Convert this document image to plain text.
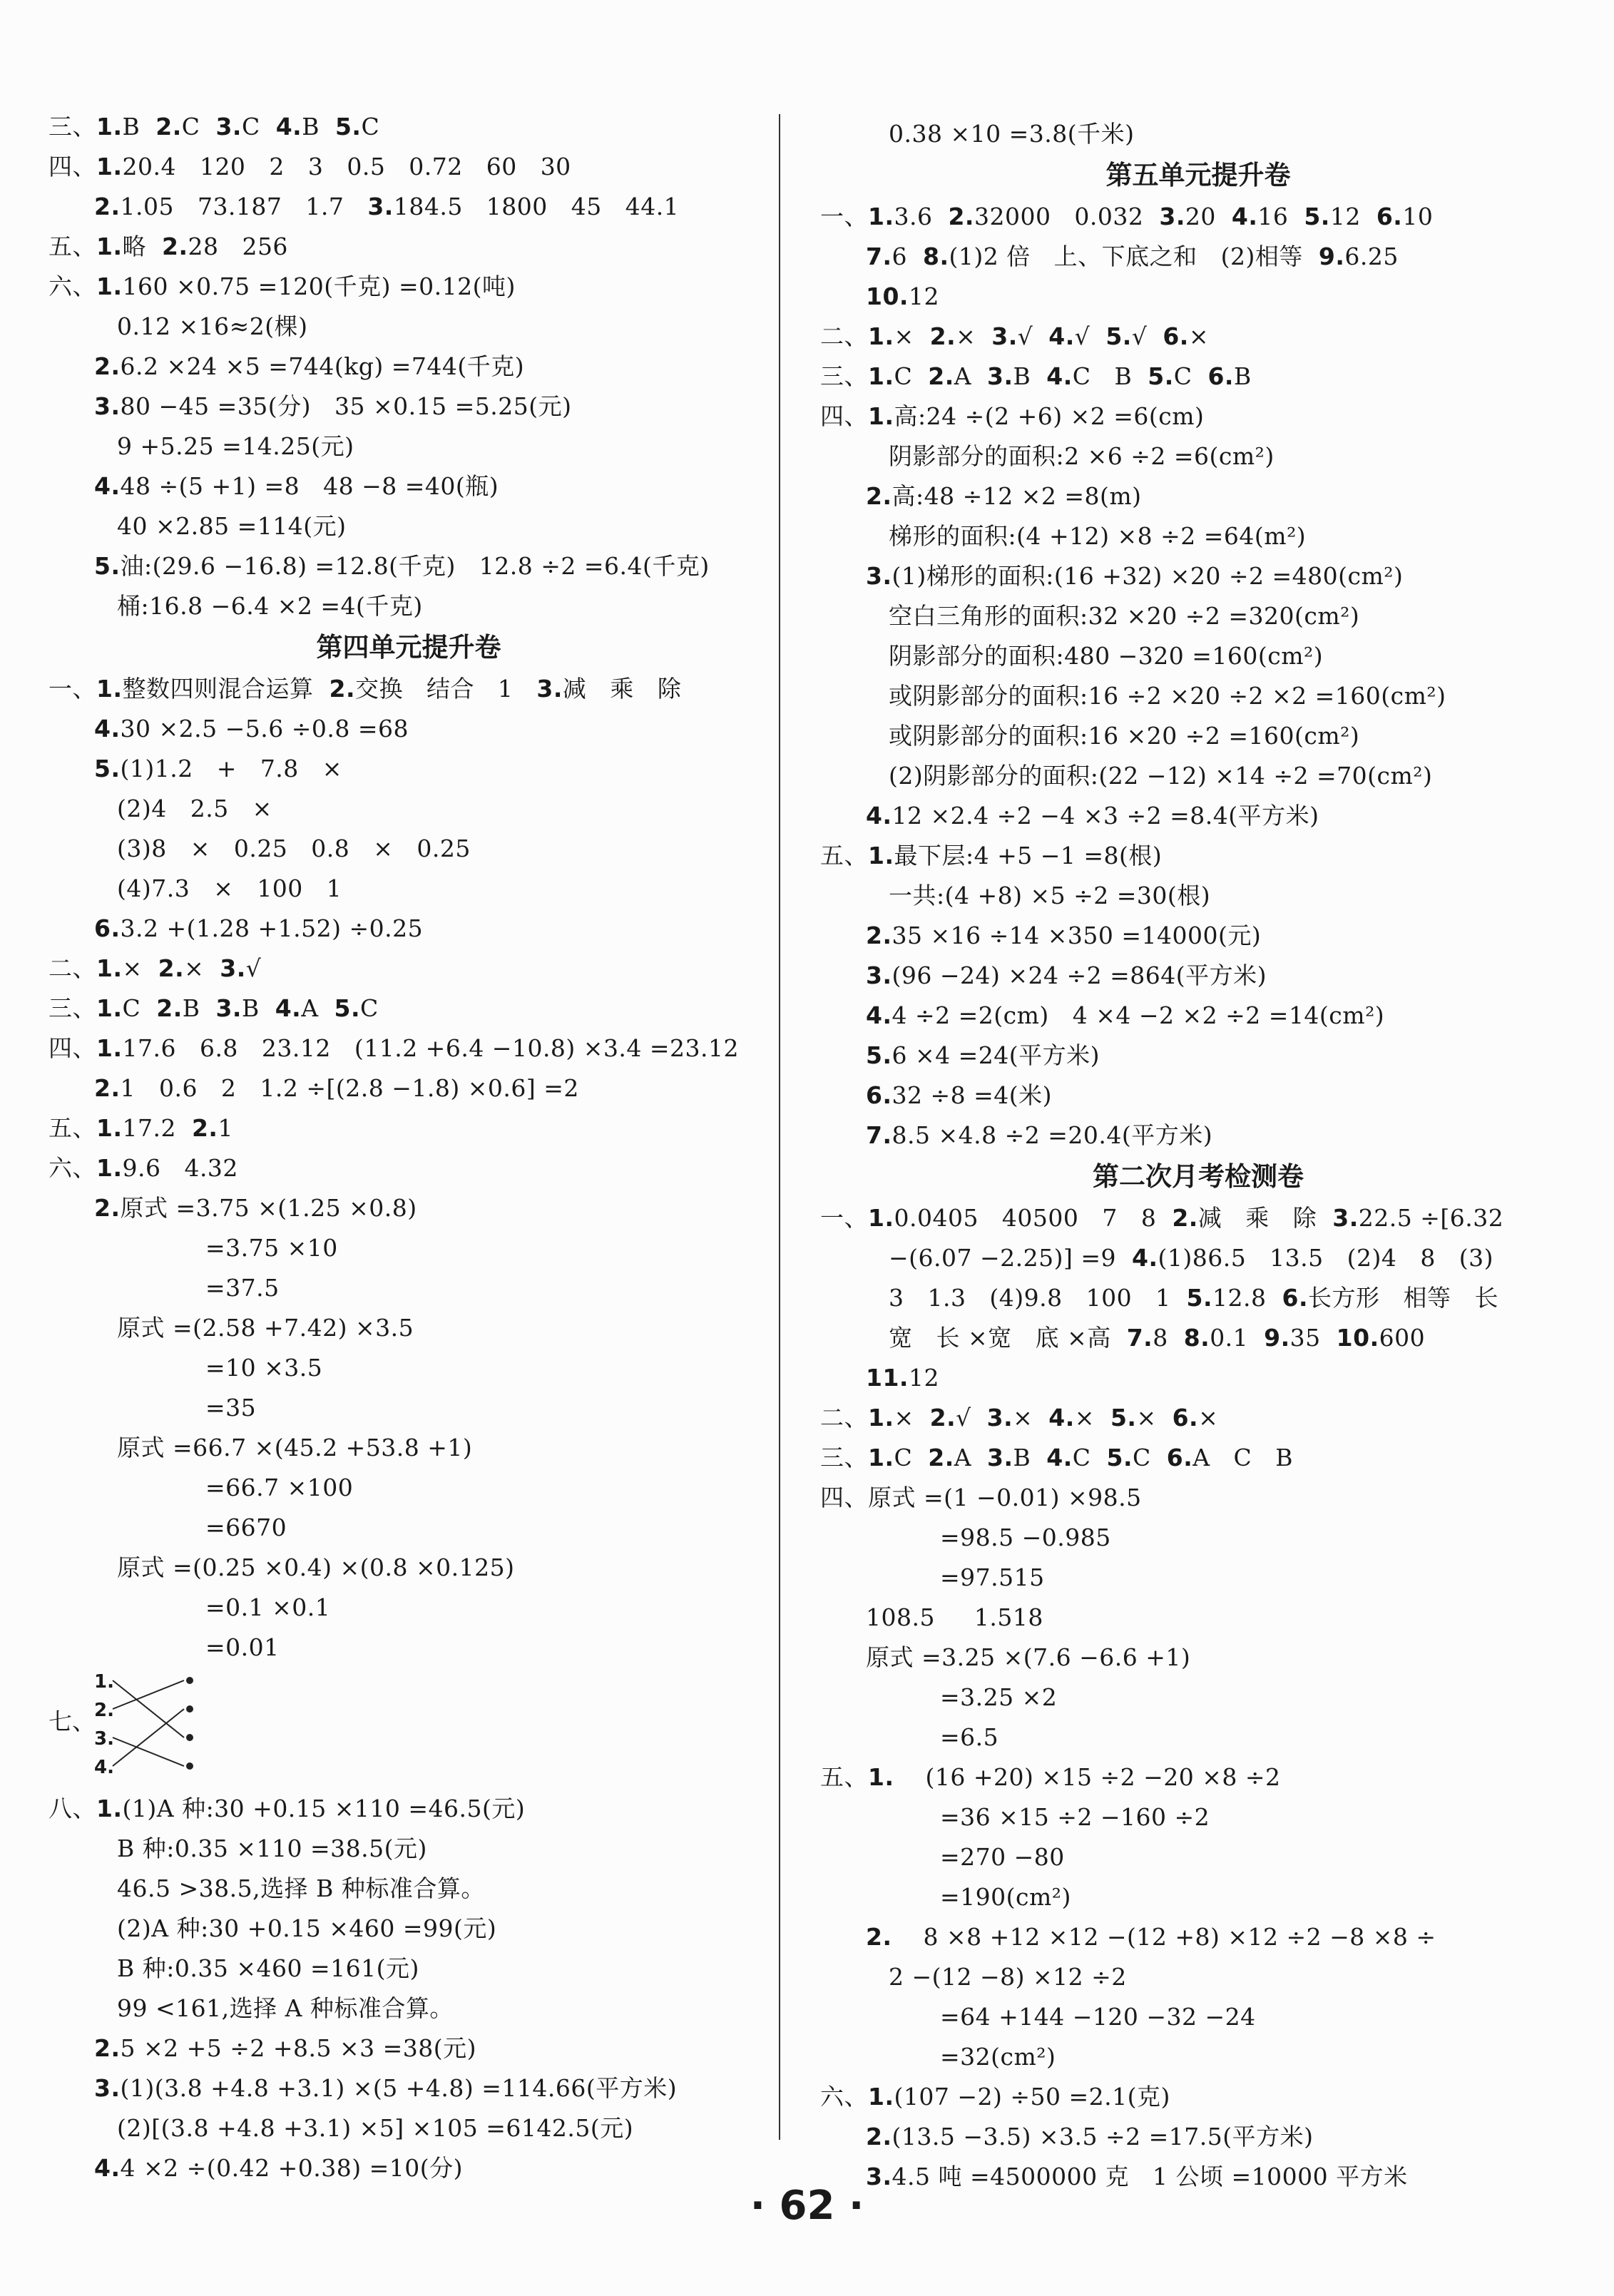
三、1.B  2.C  3.C  4.B  5.C
四、1.20.4   120   2   3   0.5   0.72   60   30
2.1.05   73.187   1.7   3.184.5   1800   45   44.1
五、1.略  2.28   256
六、1.160 ×0.75 =120(千克) =0.12(吨)
0.12 ×16≈2(棵)
2.6.2 ×24 ×5 =744(kg) =744(千克)
3.80 −45 =35(分)   35 ×0.15 =5.25(元)
9 +5.25 =14.25(元)
4.48 ÷(5 +1) =8   48 −8 =40(瓶)
40 ×2.85 =114(元)
5.油:(29.6 −16.8) =12.8(千克)   12.8 ÷2 =6.4(千克)
桶:16.8 −6.4 ×2 =4(千克)
第四单元提升卷
一、1.整数四则混合运算  2.交换   结合   1   3.减   乘   除
4.30 ×2.5 −5.6 ÷0.8 =68
5.(1)1.2   +   7.8   ×
(2)4   2.5   ×
(3)8   ×   0.25   0.8   ×   0.25
(4)7.3   ×   100   1
6.3.2 +(1.28 +1.52) ÷0.25
二、1.×  2.×  3.√
三、1.C  2.B  3.B  4.A  5.C
四、1.17.6   6.8   23.12   (11.2 +6.4 −10.8) ×3.4 =23.12
2.1   0.6   2   1.2 ÷[(2.8 −1.8) ×0.6] =2
五、1.17.2  2.1
六、1.9.6   4.32
2.原式 =3.75 ×(1.25 ×0.8)
=3.75 ×10
=37.5
原式 =(2.58 +7.42) ×3.5
=10 ×3.5
=35
原式 =66.7 ×(45.2 +53.8 +1)
=66.7 ×100
=6670
原式 =(0.25 ×0.4) ×(0.8 ×0.125)
=0.1 ×0.1
=0.01
七、
1.
2.
3.
4.
八、1.(1)A 种:30 +0.15 ×110 =46.5(元)
B 种:0.35 ×110 =38.5(元)
46.5 >38.5,选择 B 种标准合算。
(2)A 种:30 +0.15 ×460 =99(元)
B 种:0.35 ×460 =161(元)
99 <161,选择 A 种标准合算。
2.5 ×2 +5 ÷2 +8.5 ×3 =38(元)
3.(1)(3.8 +4.8 +3.1) ×(5 +4.8) =114.66(平方米)
(2)[(3.8 +4.8 +3.1) ×5] ×105 =6142.5(元)
4.4 ×2 ÷(0.42 +0.38) =10(分)
0.38 ×10 =3.8(千米)
第五单元提升卷
一、1.3.6  2.32000   0.032  3.20  4.16  5.12  6.10
7.6  8.(1)2 倍   上、下底之和   (2)相等  9.6.25
10.12
二、1.×  2.×  3.√  4.√  5.√  6.×
三、1.C  2.A  3.B  4.C   B  5.C  6.B
四、1.高:24 ÷(2 +6) ×2 =6(cm)
阴影部分的面积:2 ×6 ÷2 =6(cm²)
2.高:48 ÷12 ×2 =8(m)
梯形的面积:(4 +12) ×8 ÷2 =64(m²)
3.(1)梯形的面积:(16 +32) ×20 ÷2 =480(cm²)
空白三角形的面积:32 ×20 ÷2 =320(cm²)
阴影部分的面积:480 −320 =160(cm²)
或阴影部分的面积:16 ÷2 ×20 ÷2 ×2 =160(cm²)
或阴影部分的面积:16 ×20 ÷2 =160(cm²)
(2)阴影部分的面积:(22 −12) ×14 ÷2 =70(cm²)
4.12 ×2.4 ÷2 −4 ×3 ÷2 =8.4(平方米)
五、1.最下层:4 +5 −1 =8(根)
一共:(4 +8) ×5 ÷2 =30(根)
2.35 ×16 ÷14 ×350 =14000(元)
3.(96 −24) ×24 ÷2 =864(平方米)
4.4 ÷2 =2(cm)   4 ×4 −2 ×2 ÷2 =14(cm²)
5.6 ×4 =24(平方米)
6.32 ÷8 =4(米)
7.8.5 ×4.8 ÷2 =20.4(平方米)
第二次月考检测卷
一、1.0.0405   40500   7   8  2.减   乘   除  3.22.5 ÷[6.32
−(6.07 −2.25)] =9  4.(1)86.5   13.5   (2)4   8   (3)
3   1.3   (4)9.8   100   1  5.12.8  6.长方形   相等   长
宽   长 ×宽   底 ×高  7.8  8.0.1  9.35  10.600
11.12
二、1.×  2.√  3.×  4.×  5.×  6.×
三、1.C  2.A  3.B  4.C  5.C  6.A   C   B
四、原式 =(1 −0.01) ×98.5
=98.5 −0.985
=97.515
108.5     1.518
原式 =3.25 ×(7.6 −6.6 +1)
=3.25 ×2
=6.5
五、1.    (16 +20) ×15 ÷2 −20 ×8 ÷2
=36 ×15 ÷2 −160 ÷2
=270 −80
=190(cm²)
2.    8 ×8 +12 ×12 −(12 +8) ×12 ÷2 −8 ×8 ÷
2 −(12 −8) ×12 ÷2
=64 +144 −120 −32 −24
=32(cm²)
六、1.(107 −2) ÷50 =2.1(克)
2.(13.5 −3.5) ×3.5 ÷2 =17.5(平方米)
3.4.5 吨 =4500000 克   1 公顷 =10000 平方米
· 62 ·
